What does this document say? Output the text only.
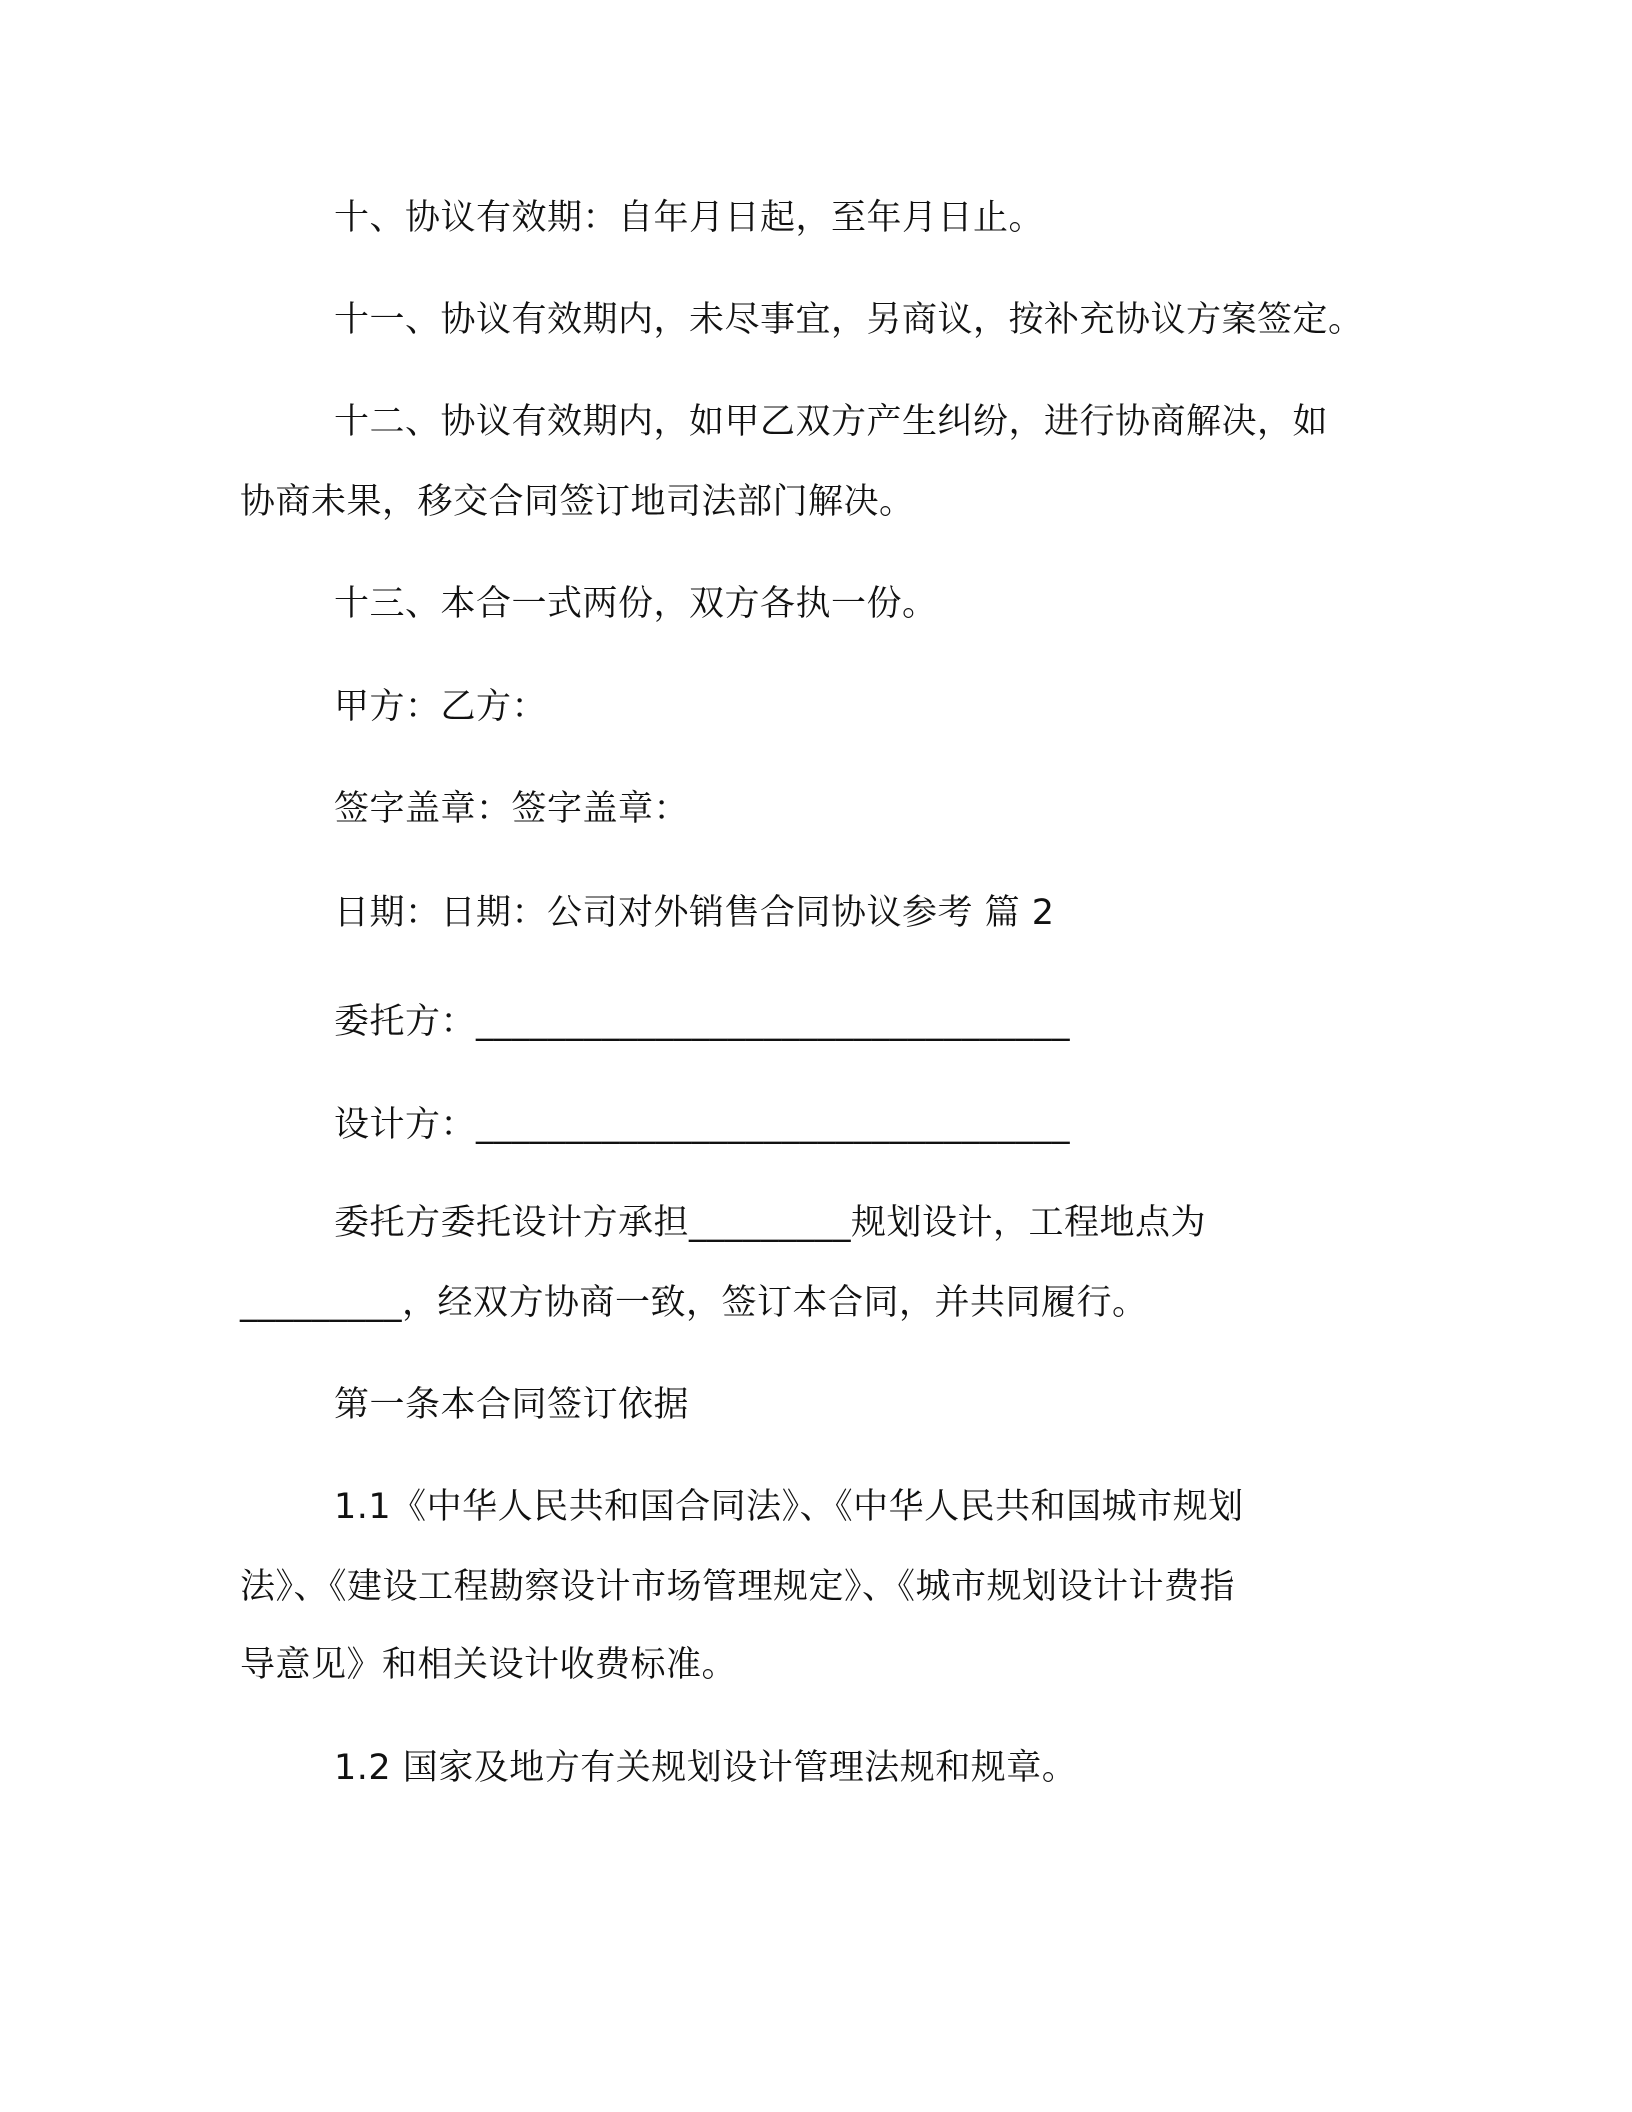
十、协议有效期：自年月日起，至年月日止。
十一、协议有效期内，未尽事宜，另商议，按补充协议方案签定。
十二、协议有效期内，如甲乙双方产生纠纷，进行协商解决，如
协商未果，移交合同签订地司法部门解决。
十三、本合一式两份，双方各执一份。
甲方：乙方：
签字盖章：签字盖章：
日期：日期：公司对外销售合同协议参考 篇 2
委托方：_________________________________
设计方：_________________________________
委托方委托设计方承担_________规划设计，工程地点为
_________，经双方协商一致，签订本合同，并共同履行。
第一条本合同签订依据
1.1《中华人民共和国合同法》、《中华人民共和国城市规划
法》、《建设工程勘察设计市场管理规定》、《城市规划设计计费指
导意见》和相关设计收费标准。
1.2 国家及地方有关规划设计管理法规和规章。
